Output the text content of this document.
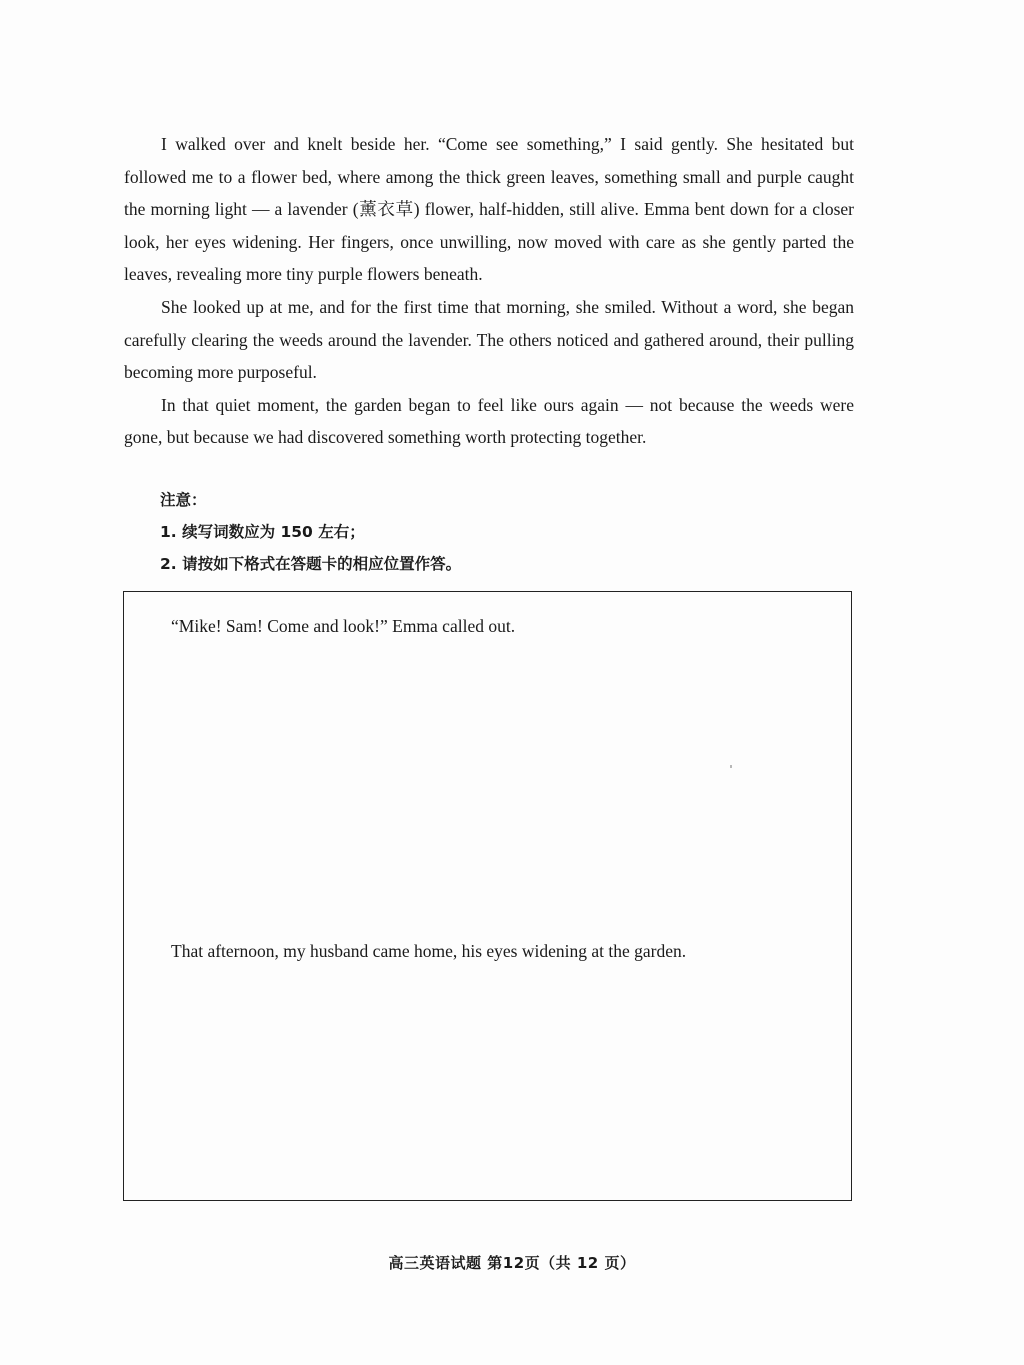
I walked over and knelt beside her. “Come see something,” I said gently. She hesitated but followed me to a flower bed, where among the thick green leaves, something small and purple caught the morning light — a lavender (薰衣草) flower, half-hidden, still alive. Emma bent down for a closer look, her eyes widening. Her fingers, once unwilling, now moved with care as she gently parted the leaves, revealing more tiny purple flowers beneath.

She looked up at me, and for the first time that morning, she smiled. Without a word, she began carefully clearing the weeds around the lavender. The others noticed and gathered around, their pulling becoming more purposeful.

In that quiet moment, the garden began to feel like ours again — not because the weeds were gone, but because we had discovered something worth protecting together.

注意：
1. 续写词数应为 150 左右；
2. 请按如下格式在答题卡的相应位置作答。
“Mike! Sam! Come and look!” Emma called out.
That afternoon, my husband came home, his eyes widening at the garden.
高三英语试题 第12页（共 12 页）
